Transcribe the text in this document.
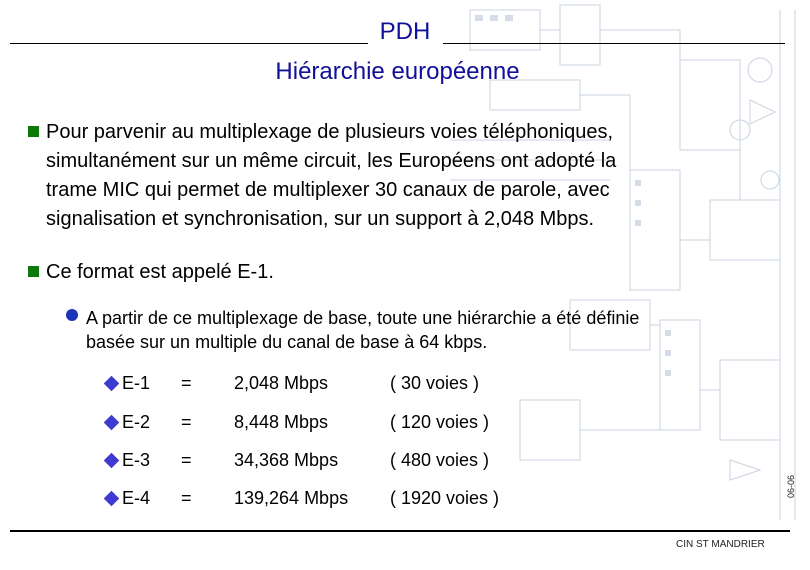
PDH
Hiérarchie européenne
Pour parvenir au multiplexage de plusieurs voies téléphoniques,
simultanément sur un même circuit, les Européens ont adopté la
trame MIC qui permet de multiplexer 30 canaux de parole, avec
signalisation et synchronisation, sur un support à 2,048 Mbps.
Ce format est appelé E-1.
A partir de ce multiplexage de base, toute une hiérarchie a été définie
basée sur un multiple du canal de base à 64 kbps.
E-1 = 2,048 Mbps	( 30 voies )
E-2 = 8,448 Mbps	( 120 voies )
E-3 = 34,368 Mbps	( 480 voies )
E-4 = 139,264 Mbps ( 1920 voies )
CIN ST MANDRIER
06-06
